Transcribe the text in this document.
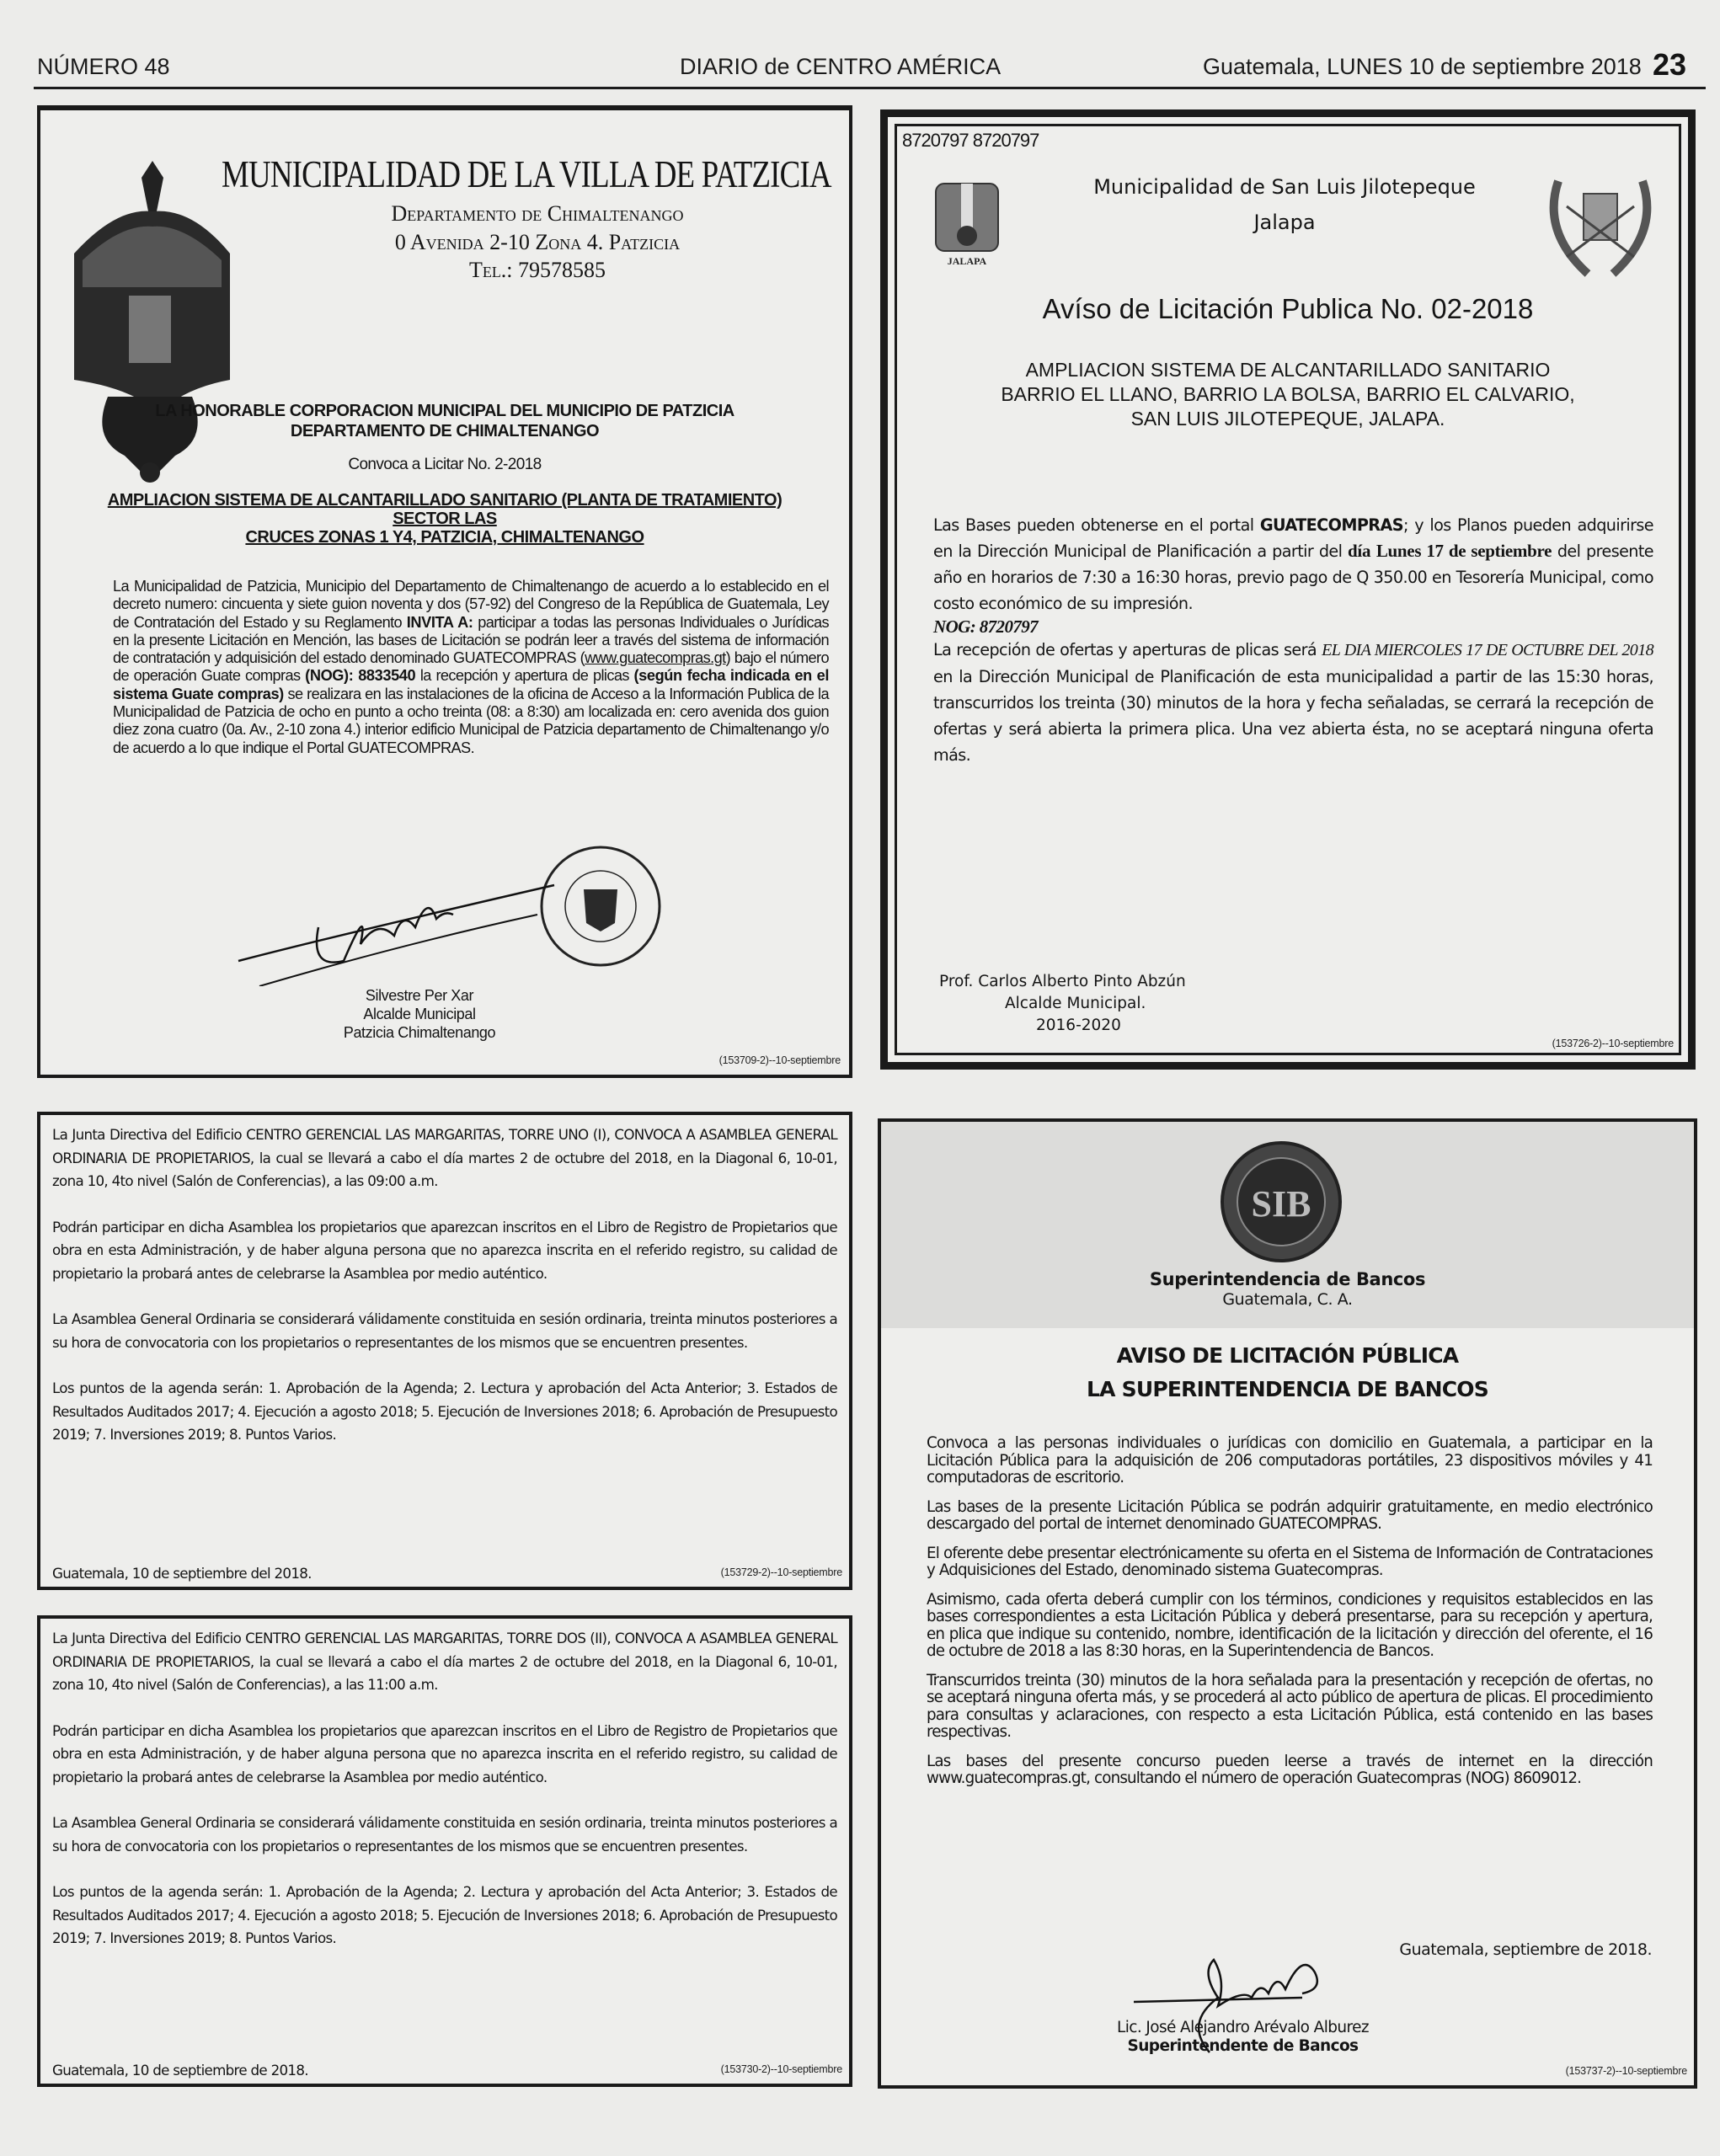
NÚMERO 48	DIARIO de CENTRO AMÉRICA	Guatemala, LUNES 10 de septiembre 2018 23
MUNICIPALIDAD DE LA VILLA DE PATZICIA
Departamento de Chimaltenango
0 Avenida 2-10 Zona 4. Patzicia
Tel.: 79578585
LA HONORABLE CORPORACION MUNICIPAL DEL MUNICIPIO DE PATZICIA
DEPARTAMENTO DE CHIMALTENANGO
Convoca a Licitar No. 2-2018
AMPLIACION SISTEMA DE ALCANTARILLADO SANITARIO (PLANTA DE TRATAMIENTO)
SECTOR LAS
CRUCES ZONAS 1 Y4, PATZICIA, CHIMALTENANGO
La Municipalidad de Patzicia, Municipio del Departamento de Chimaltenango de acuerdo a lo establecido en el decreto numero: cincuenta y siete guion noventa y dos (57-92) del Congreso de la República de Guatemala, Ley de Contratación del Estado y su Reglamento INVITA A: participar a todas las personas Individuales o Jurídicas en la presente Licitación en Mención, las bases de Licitación se podrán leer a través del sistema de información de contratación y adquisición del estado denominado GUATECOMPRAS (www.guatecompras.gt) bajo el número de operación Guate compras (NOG): 8833540 la recepción y apertura de plicas (según fecha indicada en el sistema Guate compras) se realizara en las instalaciones de la oficina de Acceso a la Información Publica de la Municipalidad de Patzicia de ocho en punto a ocho treinta (08: a 8:30) am localizada en: cero avenida dos guion diez zona cuatro (0a. Av., 2-10 zona 4.) interior edificio Municipal de Patzicia departamento de Chimaltenango y/o de acuerdo a lo que indique el Portal GUATECOMPRAS.
Silvestre Per Xar
Alcalde Municipal
Patzicia Chimaltenango
(153709-2)--10-septiembre
8720797 8720797
JALAPA
Municipalidad de San Luis Jilotepeque
Jalapa
Avíso de Licitación Publica No. 02-2018
AMPLIACION SISTEMA DE ALCANTARILLADO SANITARIO
BARRIO EL LLANO, BARRIO LA BOLSA, BARRIO EL CALVARIO,
SAN LUIS JILOTEPEQUE, JALAPA.
Las Bases pueden obtenerse en el portal GUATECOMPRAS; y los Planos pueden adquirirse en la Dirección Municipal de Planificación a partir del día Lunes 17 de septiembre del presente año en horarios de 7:30 a 16:30 horas, previo pago de Q 350.00 en Tesorería Municipal, como costo económico de su impresión.
NOG: 8720797
La recepción de ofertas y aperturas de plicas será EL DIA MIERCOLES 17 DE OCTUBRE DEL 2018 en la Dirección Municipal de Planificación de esta municipalidad a partir de las 15:30 horas, transcurridos los treinta (30) minutos de la hora y fecha señaladas, se cerrará la recepción de ofertas y será abierta la primera plica. Una vez abierta ésta, no se aceptará ninguna oferta más.
Prof. Carlos Alberto Pinto Abzún
Alcalde Municipal.
2016-2020
(153726-2)--10-septiembre

La Junta Directiva del Edificio CENTRO GERENCIAL LAS MARGARITAS, TORRE UNO (I), CONVOCA A ASAMBLEA GENERAL ORDINARIA DE PROPIETARIOS, la cual se llevará a cabo el día martes 2 de octubre del 2018, en la Diagonal 6, 10-01, zona 10, 4to nivel (Salón de Conferencias), a las 09:00 a.m.

Podrán participar en dicha Asamblea los propietarios que aparezcan inscritos en el Libro de Registro de Propietarios que obra en esta Administración, y de haber alguna persona que no aparezca inscrita en el referido registro, su calidad de propietario la probará antes de celebrarse la Asamblea por medio auténtico.

La Asamblea General Ordinaria se considerará válidamente constituida en sesión ordinaria, treinta minutos posteriores a su hora de convocatoria con los propietarios o representantes de los mismos que se encuentren presentes.

Los puntos de la agenda serán: 1. Aprobación de la Agenda; 2. Lectura y aprobación del Acta Anterior; 3. Estados de Resultados Auditados 2017; 4. Ejecución a agosto 2018; 5. Ejecución de Inversiones 2018; 6. Aprobación de Presupuesto 2019; 7. Inversiones 2019; 8. Puntos Varios.

Guatemala, 10 de septiembre del 2018.	(153729-2)--10-septiembre

La Junta Directiva del Edificio CENTRO GERENCIAL LAS MARGARITAS, TORRE DOS (II), CONVOCA A ASAMBLEA GENERAL ORDINARIA DE PROPIETARIOS, la cual se llevará a cabo el día martes 2 de octubre del 2018, en la Diagonal 6, 10-01, zona 10, 4to nivel (Salón de Conferencias), a las 11:00 a.m.

Podrán participar en dicha Asamblea los propietarios que aparezcan inscritos en el Libro de Registro de Propietarios que obra en esta Administración, y de haber alguna persona que no aparezca inscrita en el referido registro, su calidad de propietario la probará antes de celebrarse la Asamblea por medio auténtico.

La Asamblea General Ordinaria se considerará válidamente constituida en sesión ordinaria, treinta minutos posteriores a su hora de convocatoria con los propietarios o representantes de los mismos que se encuentren presentes.

Los puntos de la agenda serán: 1. Aprobación de la Agenda; 2. Lectura y aprobación del Acta Anterior; 3. Estados de Resultados Auditados 2017; 4. Ejecución a agosto 2018; 5. Ejecución de Inversiones 2018; 6. Aprobación de Presupuesto 2019; 7. Inversiones 2019; 8. Puntos Varios.

Guatemala, 10 de septiembre de 2018.	(153730-2)--10-septiembre
SIB
Superintendencia de Bancos
Guatemala, C. A.
AVISO DE LICITACIÓN PÚBLICA
LA SUPERINTENDENCIA DE BANCOS

Convoca a las personas individuales o jurídicas con domicilio en Guatemala, a participar en la Licitación Pública para la adquisición de 206 computadoras portátiles, 23 dispositivos móviles y 41 computadoras de escritorio.

Las bases de la presente Licitación Pública se podrán adquirir gratuitamente, en medio electrónico descargado del portal de internet denominado GUATECOMPRAS.

El oferente debe presentar electrónicamente su oferta en el Sistema de Información de Contrataciones y Adquisiciones del Estado, denominado sistema Guatecompras.

Asimismo, cada oferta deberá cumplir con los términos, condiciones y requisitos establecidos en las bases correspondientes a esta Licitación Pública y deberá presentarse, para su recepción y apertura, en plica que indique su contenido, nombre, identificación de la licitación y dirección del oferente, el 16 de octubre de 2018 a las 8:30 horas, en la Superintendencia de Bancos.

Transcurridos treinta (30) minutos de la hora señalada para la presentación y recepción de ofertas, no se aceptará ninguna oferta más, y se procederá al acto público de apertura de plicas. El procedimiento para consultas y aclaraciones, con respecto a esta Licitación Pública, está contenido en las bases respectivas.

Las bases del presente concurso pueden leerse a través de internet en la dirección www.guatecompras.gt, consultando el número de operación Guatecompras (NOG) 8609012.

Guatemala, septiembre de 2018.
Lic. José Alejandro Arévalo Alburez
Superintendente de Bancos
(153737-2)--10-septiembre
